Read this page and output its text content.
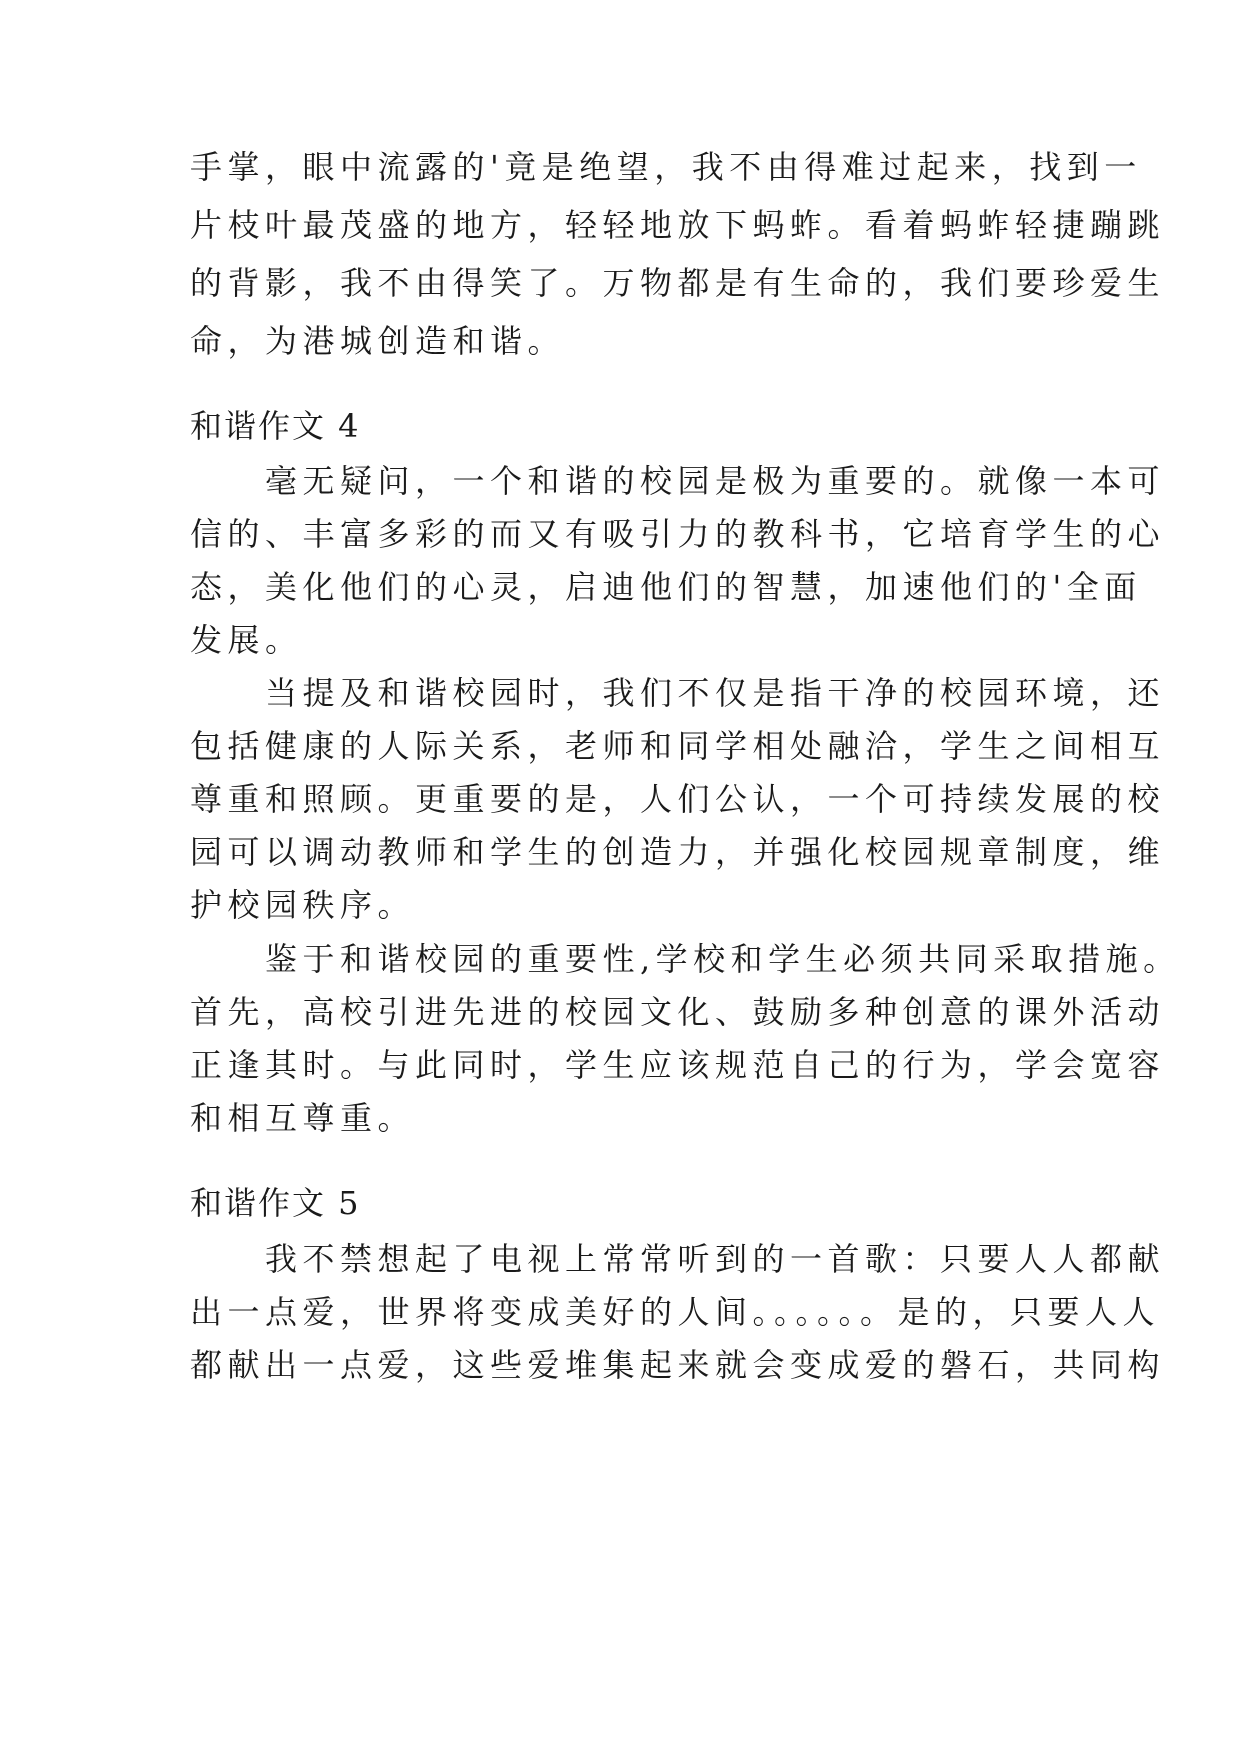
手掌，眼中流露的'竟是绝望，我不由得难过起来，找到一
片枝叶最茂盛的地方，轻轻地放下蚂蚱。看着蚂蚱轻捷蹦跳
的背影，我不由得笑了。万物都是有生命的，我们要珍爱生
命，为港城创造和谐。
和谐作文 4
　　毫无疑问，一个和谐的校园是极为重要的。就像一本可
信的、丰富多彩的而又有吸引力的教科书，它培育学生的心
态，美化他们的心灵，启迪他们的智慧，加速他们的'全面
发展。
　　当提及和谐校园时，我们不仅是指干净的校园环境，还
包括健康的人际关系，老师和同学相处融洽，学生之间相互
尊重和照顾。更重要的是，人们公认，一个可持续发展的校
园可以调动教师和学生的创造力，并强化校园规章制度，维
护校园秩序。
　　鉴于和谐校园的重要性,学校和学生必须共同采取措施。
首先，高校引进先进的校园文化、鼓励多种创意的课外活动
正逢其时。与此同时，学生应该规范自己的行为，学会宽容
和相互尊重。
和谐作文 5
　　我不禁想起了电视上常常听到的一首歌：只要人人都献
出一点爱，世界将变成美好的人间。。。。。。是的，只要人人
都献出一点爱，这些爱堆集起来就会变成爱的磐石，共同构
